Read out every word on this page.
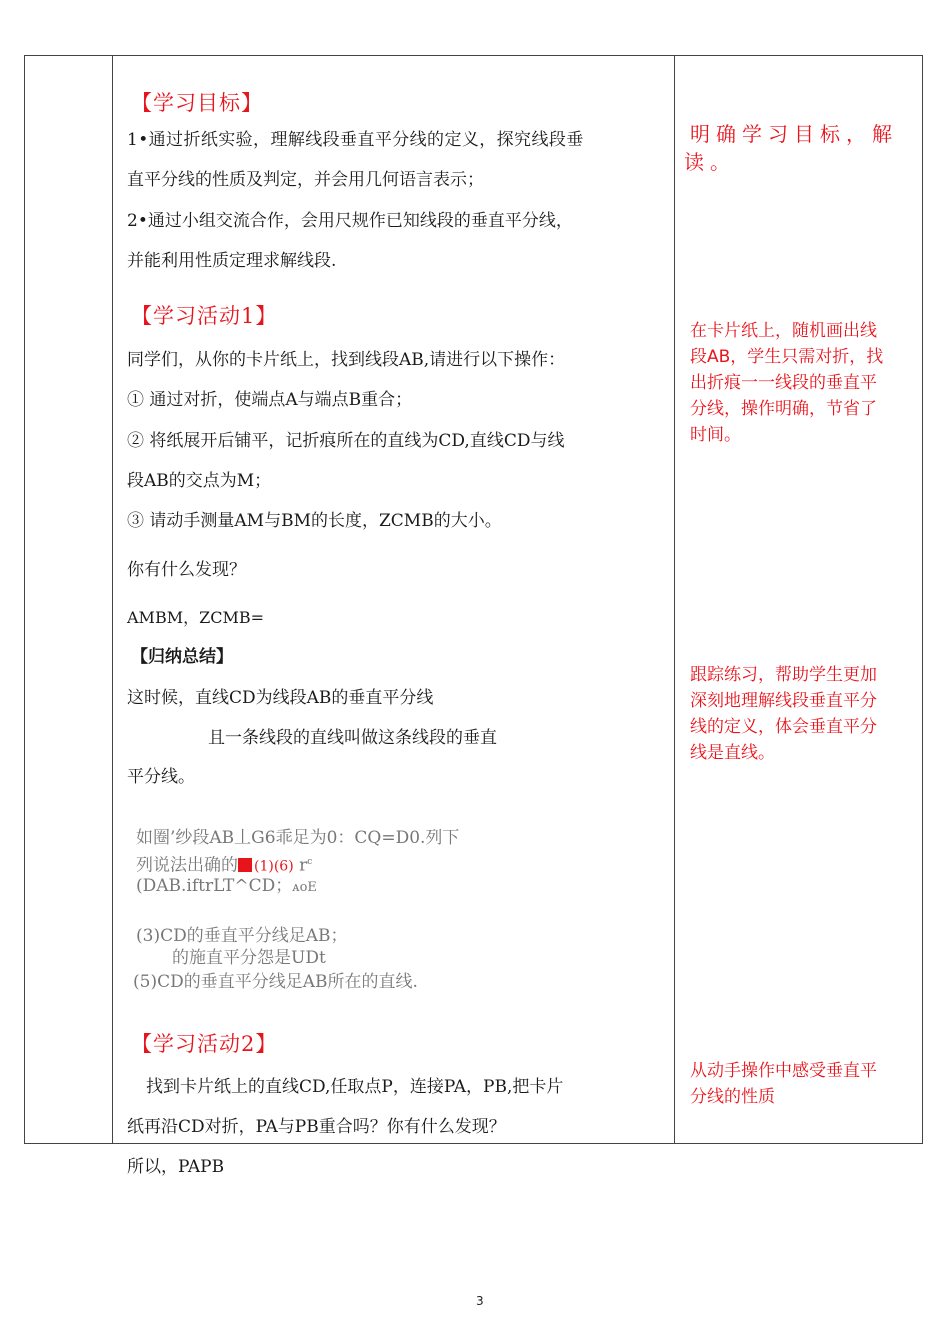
【学习目标】
1•通过折纸实验，理解线段垂直平分线的定义，探究线段垂
直平分线的性质及判定，并会用几何语言表示；
2•通过小组交流合作，会用尺规作已知线段的垂直平分线，
并能利用性质定理求解线段.
明确学习目标，解
读。
【学习活动1】
同学们，从你的卡片纸上，找到线段AB,请进行以下操作：
① 通过对折，使端点A与端点B重合；
② 将纸展开后铺平，记折痕所在的直线为CD,直线CD与线
段AB的交点为M；
③ 请动手测量AM与BM的长度，ZCMB的大小。
你有什么发现？
AMBM，ZCMB=
在卡片纸上，随机画出线
段AB，学生只需对折，找
出折痕一一线段的垂直平
分线，操作明确，节省了
时间。
【归纳总结】
这时候，直线CD为线段AB的垂直平分线
且一条线段的直线叫做这条线段的垂直
平分线。
跟踪练习，帮助学生更加
深刻地理解线段垂直平分
线的定义，体会垂直平分
线是直线。
如圈’纱段AB丄G6乖足为0：CQ=D0.列下
列说法出确的 (1)(6) $r^c$
(DAB.iftrLT^CD；ᴀoE
(3)CD的垂直平分线足AB；
的施直平分怨是UDt
(5)CD的垂直平分线足AB所在的直线.
【学习活动2】
找到卡片纸上的直线CD,任取点P，连接PA，PB,把卡片
纸再沿CD对折，PA与PB重合吗？你有什么发现？
从动手操作中感受垂直平
分线的性质
所以，PAPB
3
